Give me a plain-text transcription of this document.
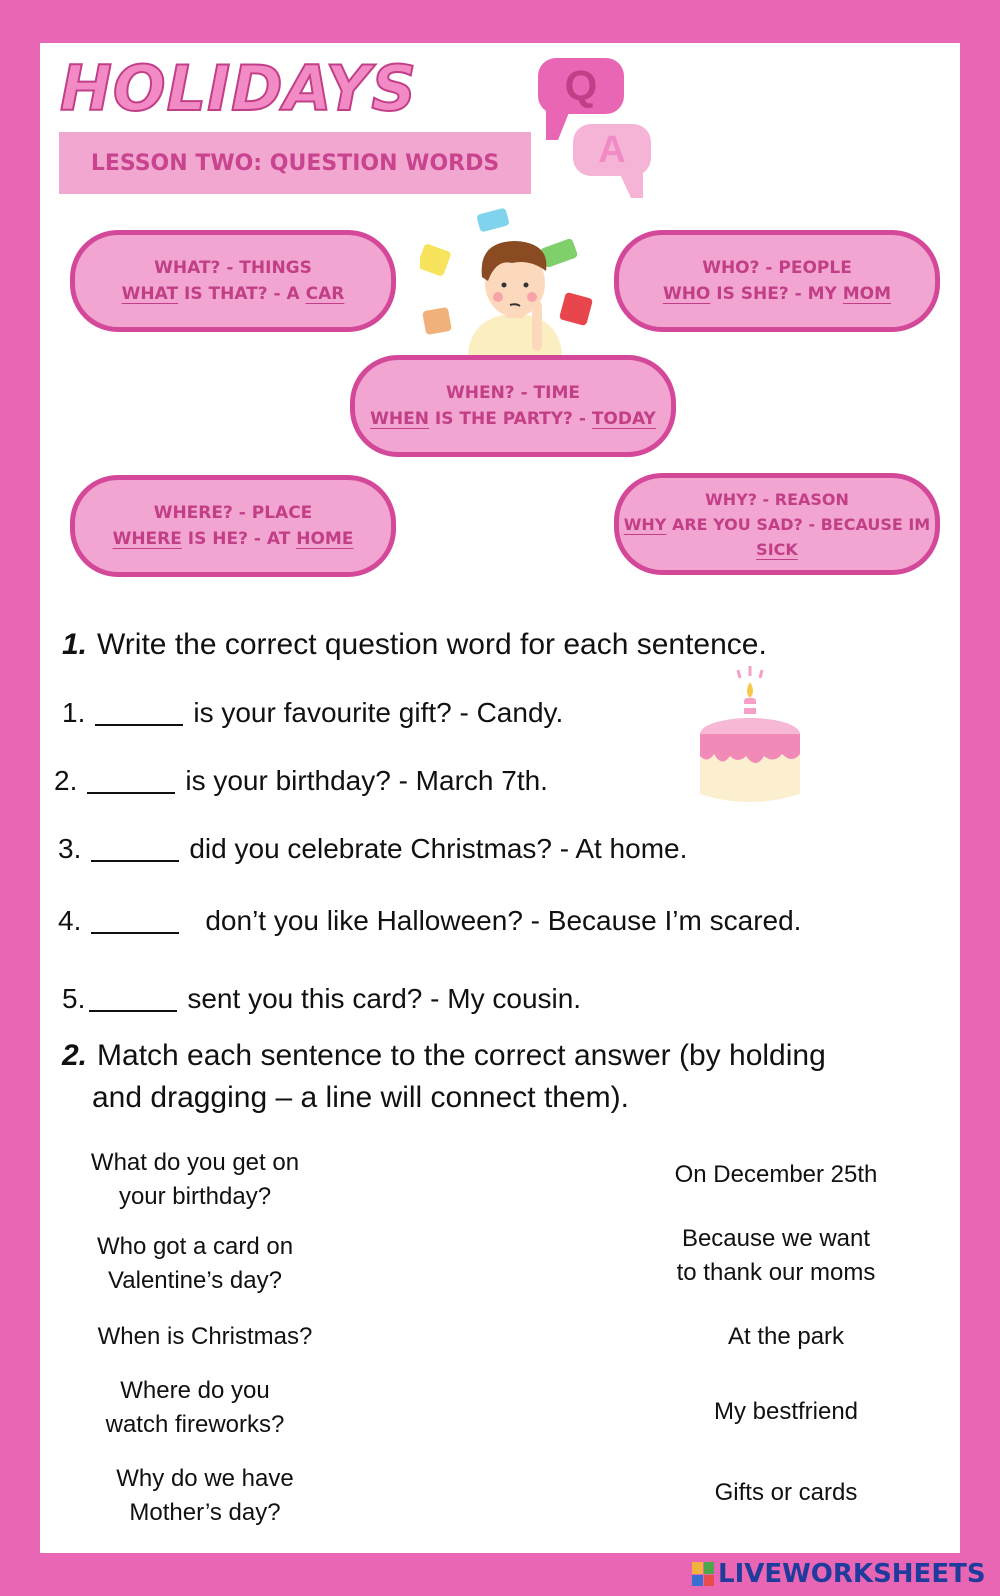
HOLIDAYS
LESSON TWO: QUESTION WORDS
Q
A
WHAT? - THINGS
WHAT IS THAT? - A CAR
WHO? - PEOPLE
WHO IS SHE? - MY MOM
WHEN? - TIME
WHEN IS THE PARTY? - TODAY
WHERE? - PLACE
WHERE IS HE? - AT HOME
WHY? - REASON
WHY ARE YOU SAD? - BECAUSE IM
SICK
1. Write the correct question word for each sentence.
1.	is your favourite gift? - Candy.
2.	is your birthday? - March 7th.
3.	did you celebrate Christmas? - At home.
4.	don’t you like Halloween? - Because I’m scared.
5.	sent you this card? - My cousin.
2. Match each sentence to the correct answer (by holding
and dragging – a line will connect them).
What do you get on
your birthday?
Who got a card on
Valentine’s day?
When is Christmas?
Where do you
watch fireworks?
Why do we have
Mother’s day?
On December 25th
Because we want
to thank our moms
At the park
My bestfriend
Gifts or cards
LIVEWORKSHEETS
